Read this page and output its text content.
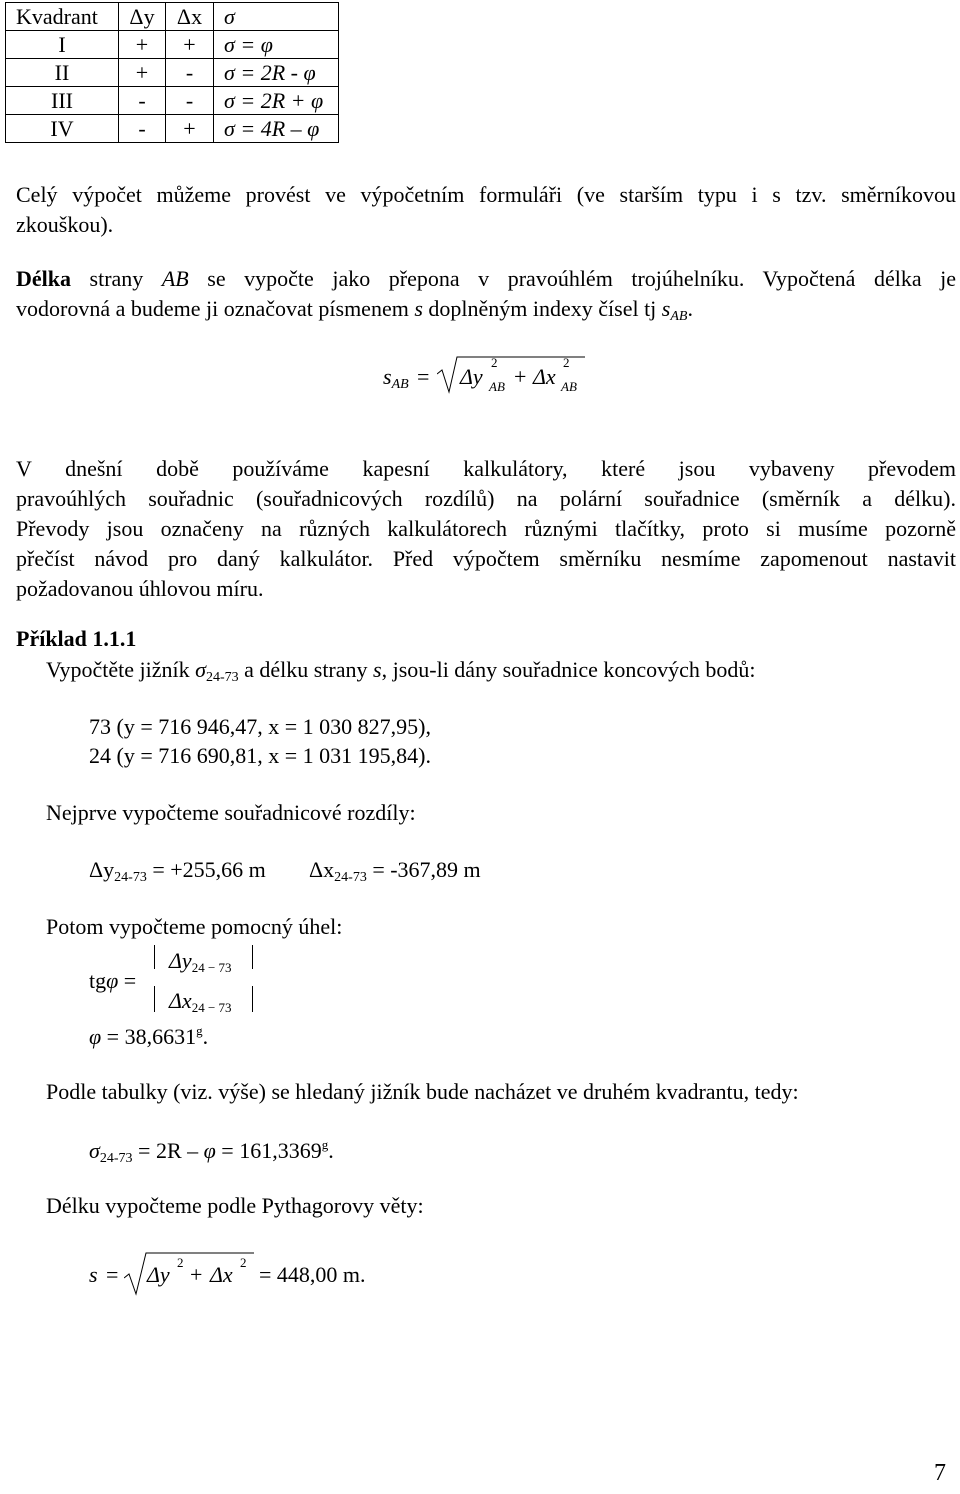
Kvadrant	Δy	Δx	σ
I	+	+	σ = φ
II	+	-	σ = 2R - φ
III	-	-	σ = 2R + φ
IV	-	+	σ = 4R – φ
Celý výpočet můžeme provést ve výpočetním formuláři (ve starším typu i s tzv. směrníkovou
zkouškou).
Délka strany AB se vypočte jako přepona v pravoúhlém trojúhelníku. Vypočtená délka je
vodorovná a budeme ji označovat písmenem s doplněným indexy čísel tj $s_{AB}$.
$s_{AB} = \Delta y$
2
AB + Δx
2
AB
V dnešní době používáme kapesní kalkulátory, které jsou vybaveny převodem
pravoúhlých souřadnic (souřadnicových rozdílů) na polární souřadnice (směrník a délku).
Převody jsou označeny na různých kalkulátorech různými tlačítky, proto si musíme pozorně
přečíst návod pro daný kalkulátor. Před výpočtem směrníku nesmíme zapomenout nastavit
požadovanou úhlovou míru.
Příklad 1.1.1
Vypočtěte jižník $\sigma_{24-73}$ a délku strany s, jsou-li dány souřadnice koncových bodů:
73 (y = 716 946,47, x = 1 030 827,95),
24 (y = 716 690,81, x = 1 031 195,84).
Nejprve vypočteme souřadnicové rozdíly:
$\Delta y_{24-73} = +255,66$ m $\Delta x_{24-73} = -367,89$ m
Potom vypočteme pomocný úhel:
tgφ =
Δy24 − 73
Δx24 − 73
φ = 38,6631$^g$.
Podle tabulky (viz. výše) se hledaný jižník bude nacházet ve druhém kvadrantu, tedy:
$\sigma_{24-73} = 2R - \varphi = 161,3369^g$.
Délku vypočteme podle Pythagorovy věty:
s = Δy 2 + Δx 2 = 448,00 m.
7
